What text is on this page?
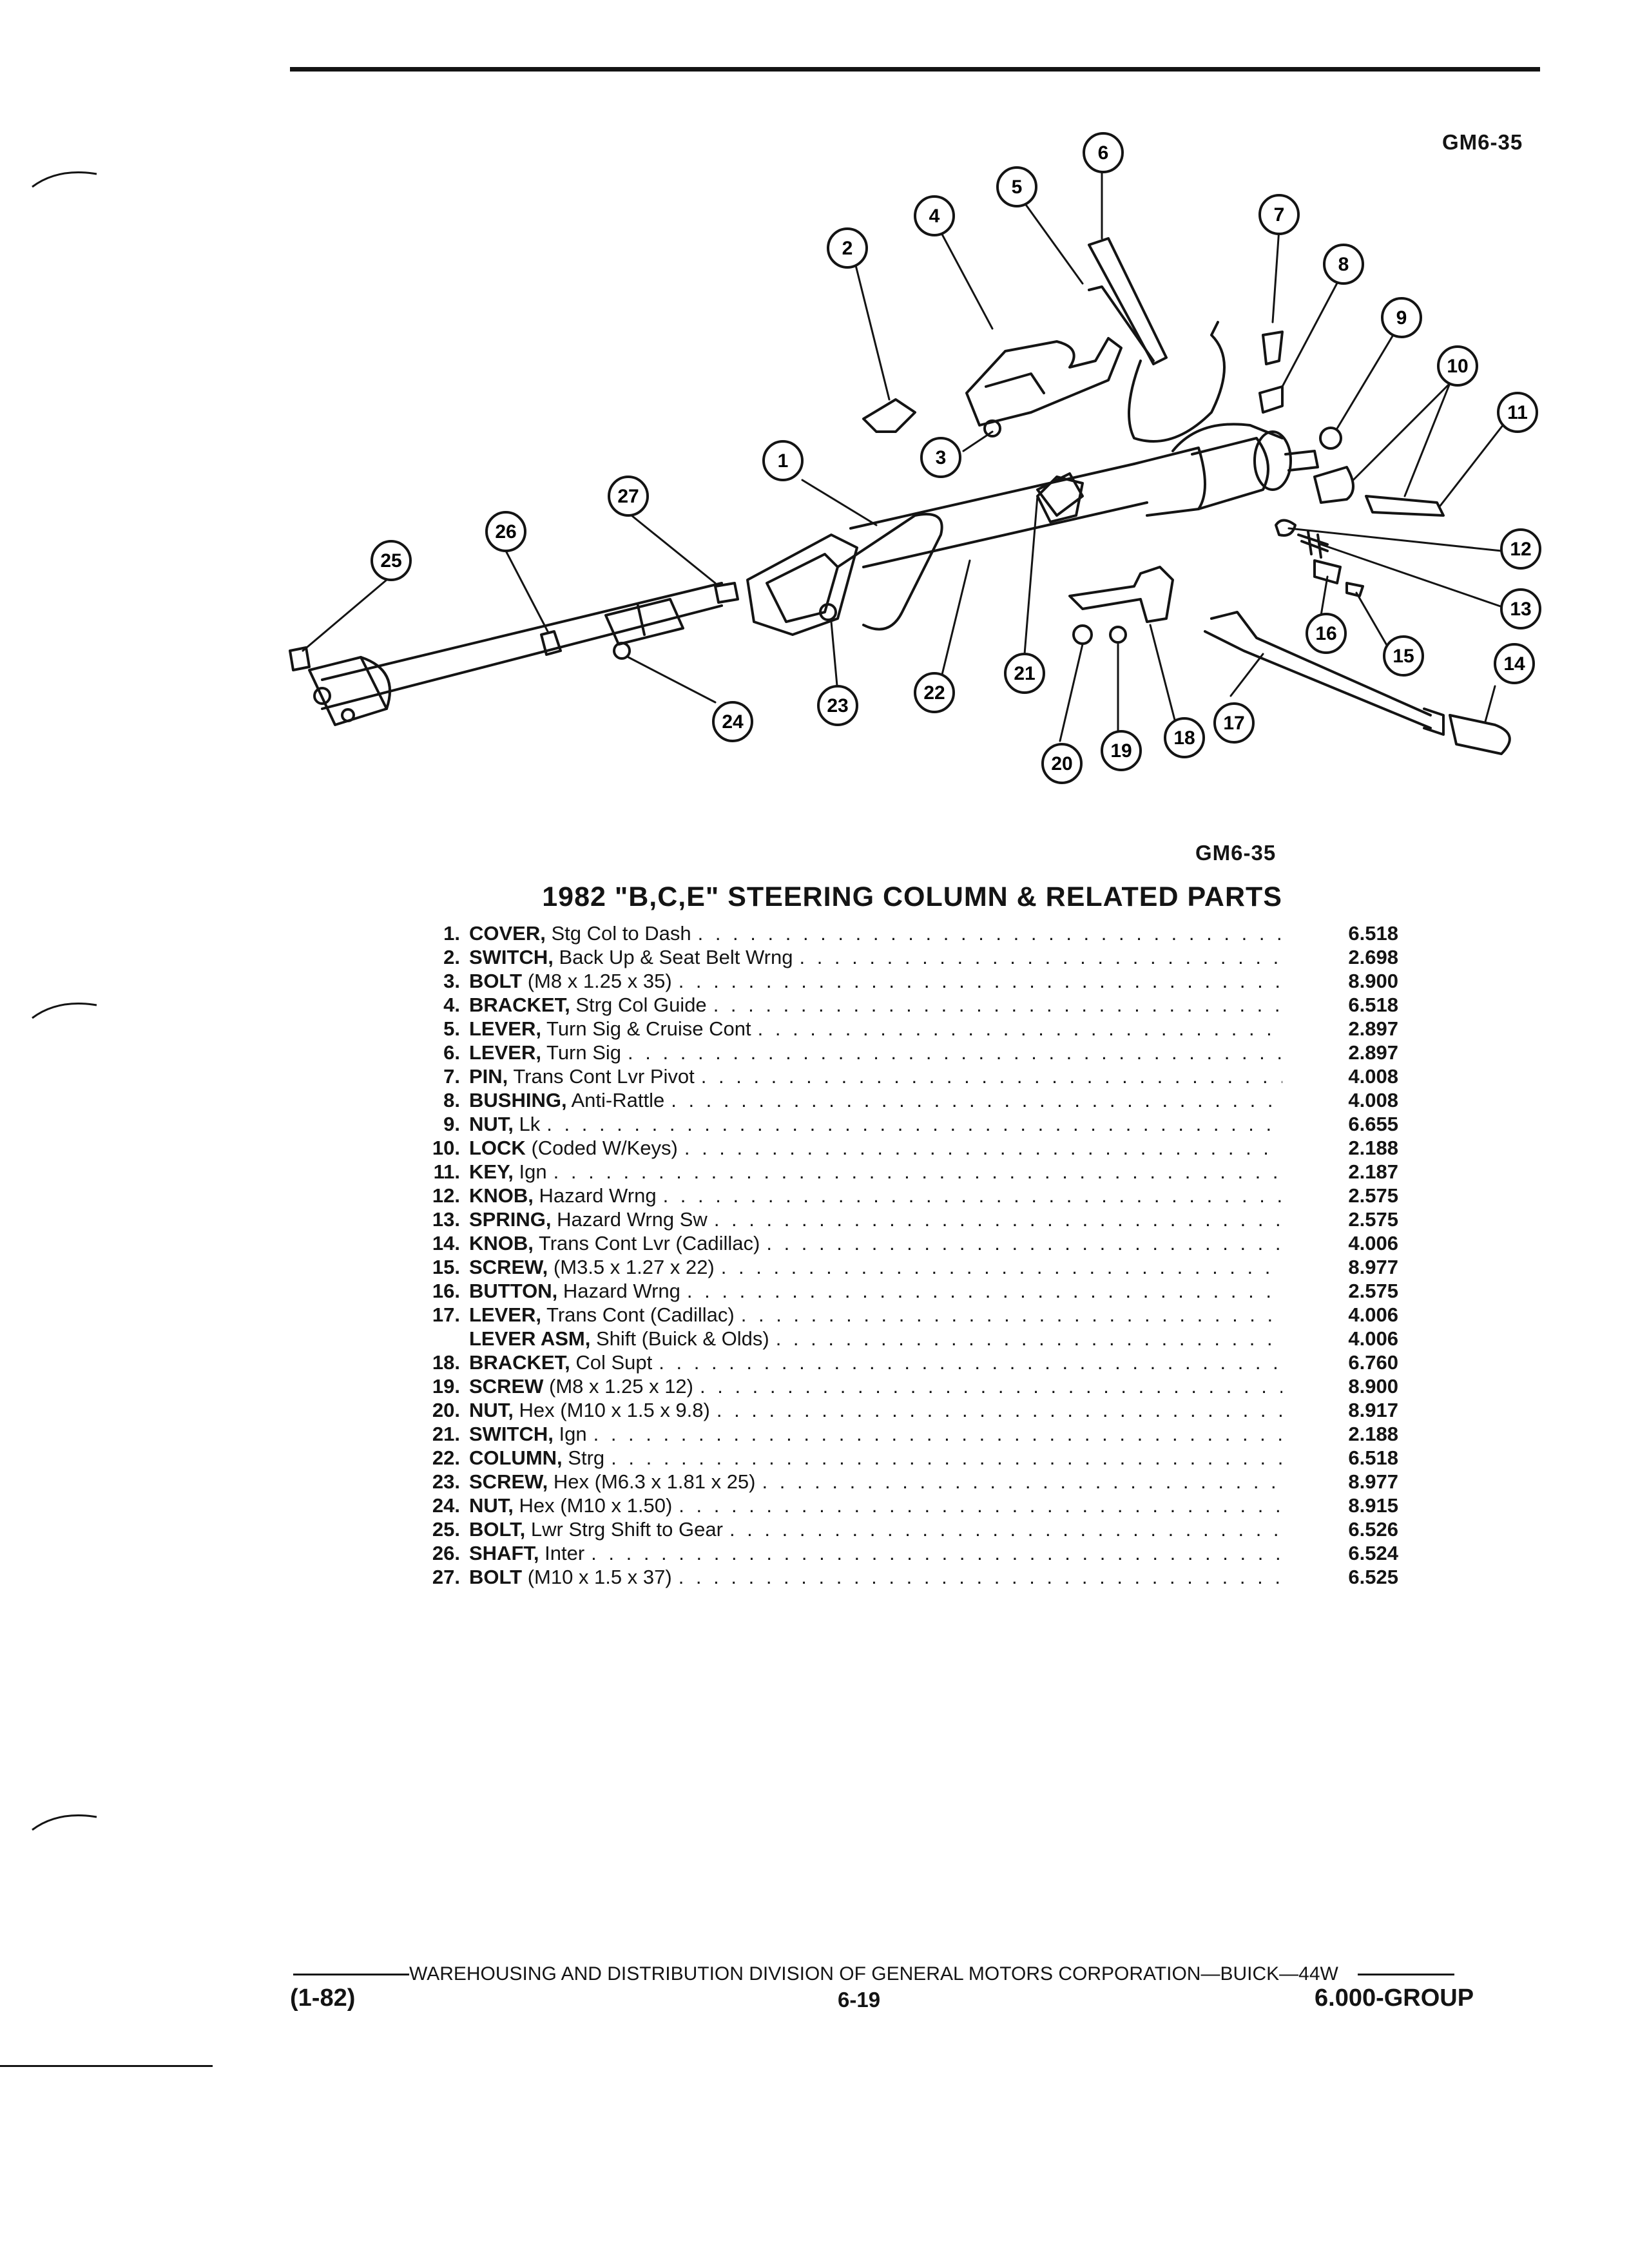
GM6-35
1
2
3
4
5
6
7
8
9
10
11
12
13
14
15
16
17
18
19
20
21
22
23
24
25
26
27
GM6-35
1982 "B,C,E" STEERING COLUMN & RELATED PARTS
1. COVER, Stg Col to Dash . . .	6.518
2. SWITCH, Back Up & Seat Belt Wrng . . .	2.698
3. BOLT (M8 x 1.25 x 35) . . .	8.900
4. BRACKET, Strg Col Guide . . .	6.518
5. LEVER, Turn Sig & Cruise Cont . . .	2.897
6. LEVER, Turn Sig . . .	2.897
7. PIN, Trans Cont Lvr Pivot . . .	4.008
8. BUSHING, Anti-Rattle . . .	4.008
9. NUT, Lk . . .	6.655
10. LOCK (Coded W/Keys) . . .	2.188
11. KEY, Ign . . .	2.187
12. KNOB, Hazard Wrng . . .	2.575
13. SPRING, Hazard Wrng Sw . . .	2.575
14. KNOB, Trans Cont Lvr (Cadillac) . . .	4.006
15. SCREW, (M3.5 x 1.27 x 22) . . .	8.977
16. BUTTON, Hazard Wrng . . .	2.575
17. LEVER, Trans Cont (Cadillac) . . .	4.006
LEVER ASM, Shift (Buick & Olds) . . .	4.006
18. BRACKET, Col Supt . . .	6.760
19. SCREW (M8 x 1.25 x 12) . . .	8.900
20. NUT, Hex (M10 x 1.5 x 9.8) . . .	8.917
21. SWITCH, Ign . . .	2.188
22. COLUMN, Strg . . .	6.518
23. SCREW, Hex (M6.3 x 1.81 x 25) . . .	8.977
24. NUT, Hex (M10 x 1.50) . . .	8.915
25. BOLT, Lwr Strg Shift to Gear . . .	6.526
26. SHAFT, Inter . . .	6.524
27. BOLT (M10 x 1.5 x 37) . . .	6.525
WAREHOUSING AND DISTRIBUTION DIVISION OF GENERAL MOTORS CORPORATION—BUICK—44W
(1-82)	6-19	6.000-GROUP
